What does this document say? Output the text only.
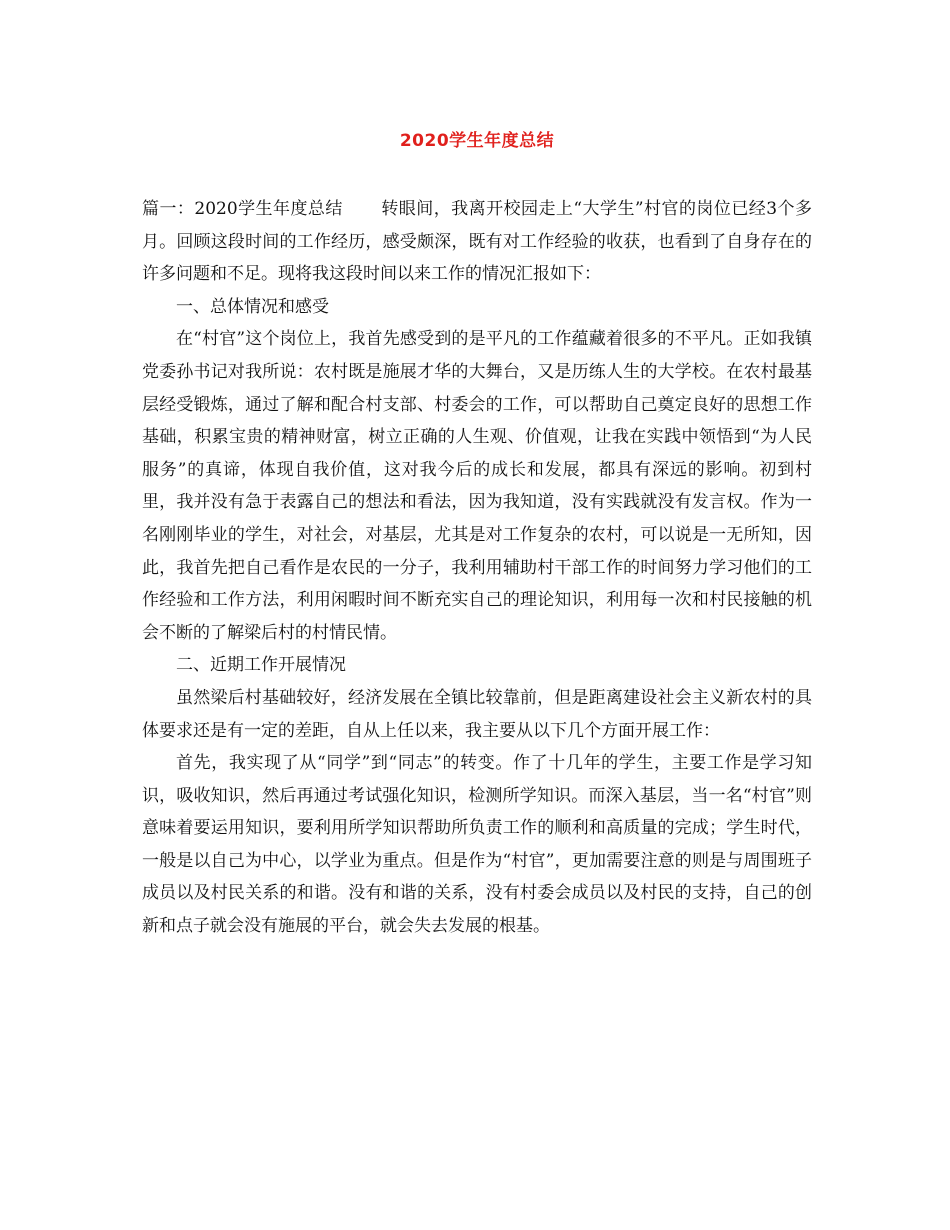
2020学生年度总结

篇一：2020学生年度总结 转眼间，我离开校园走上“大学生”村官的岗位已经3个多月。回顾这段时间的工作经历，感受颇深，既有对工作经验的收获，也看到了自身存在的许多问题和不足。现将我这段时间以来工作的情况汇报如下：

一、总体情况和感受

在“村官”这个岗位上，我首先感受到的是平凡的工作蕴藏着很多的不平凡。正如我镇党委孙书记对我所说：农村既是施展才华的大舞台，又是历练人生的大学校。在农村最基层经受锻炼，通过了解和配合村支部、村委会的工作，可以帮助自己奠定良好的思想工作基础，积累宝贵的精神财富，树立正确的人生观、价值观，让我在实践中领悟到“为人民服务”的真谛，体现自我价值，这对我今后的成长和发展，都具有深远的影响。初到村里，我并没有急于表露自己的想法和看法，因为我知道，没有实践就没有发言权。作为一名刚刚毕业的学生，对社会，对基层，尤其是对工作复杂的农村，可以说是一无所知，因此，我首先把自己看作是农民的一分子，我利用辅助村干部工作的时间努力学习他们的工作经验和工作方法，利用闲暇时间不断充实自己的理论知识，利用每一次和村民接触的机会不断的了解梁后村的村情民情。

二、近期工作开展情况

虽然梁后村基础较好，经济发展在全镇比较靠前，但是距离建设社会主义新农村的具体要求还是有一定的差距，自从上任以来，我主要从以下几个方面开展工作：

首先，我实现了从“同学”到“同志”的转变。作了十几年的学生，主要工作是学习知识，吸收知识，然后再通过考试强化知识，检测所学知识。而深入基层，当一名“村官”则意味着要运用知识，要利用所学知识帮助所负责工作的顺利和高质量的完成；学生时代，一般是以自己为中心，以学业为重点。但是作为“村官”，更加需要注意的则是与周围班子成员以及村民关系的和谐。没有和谐的关系，没有村委会成员以及村民的支持，自己的创新和点子就会没有施展的平台，就会失去发展的根基。
